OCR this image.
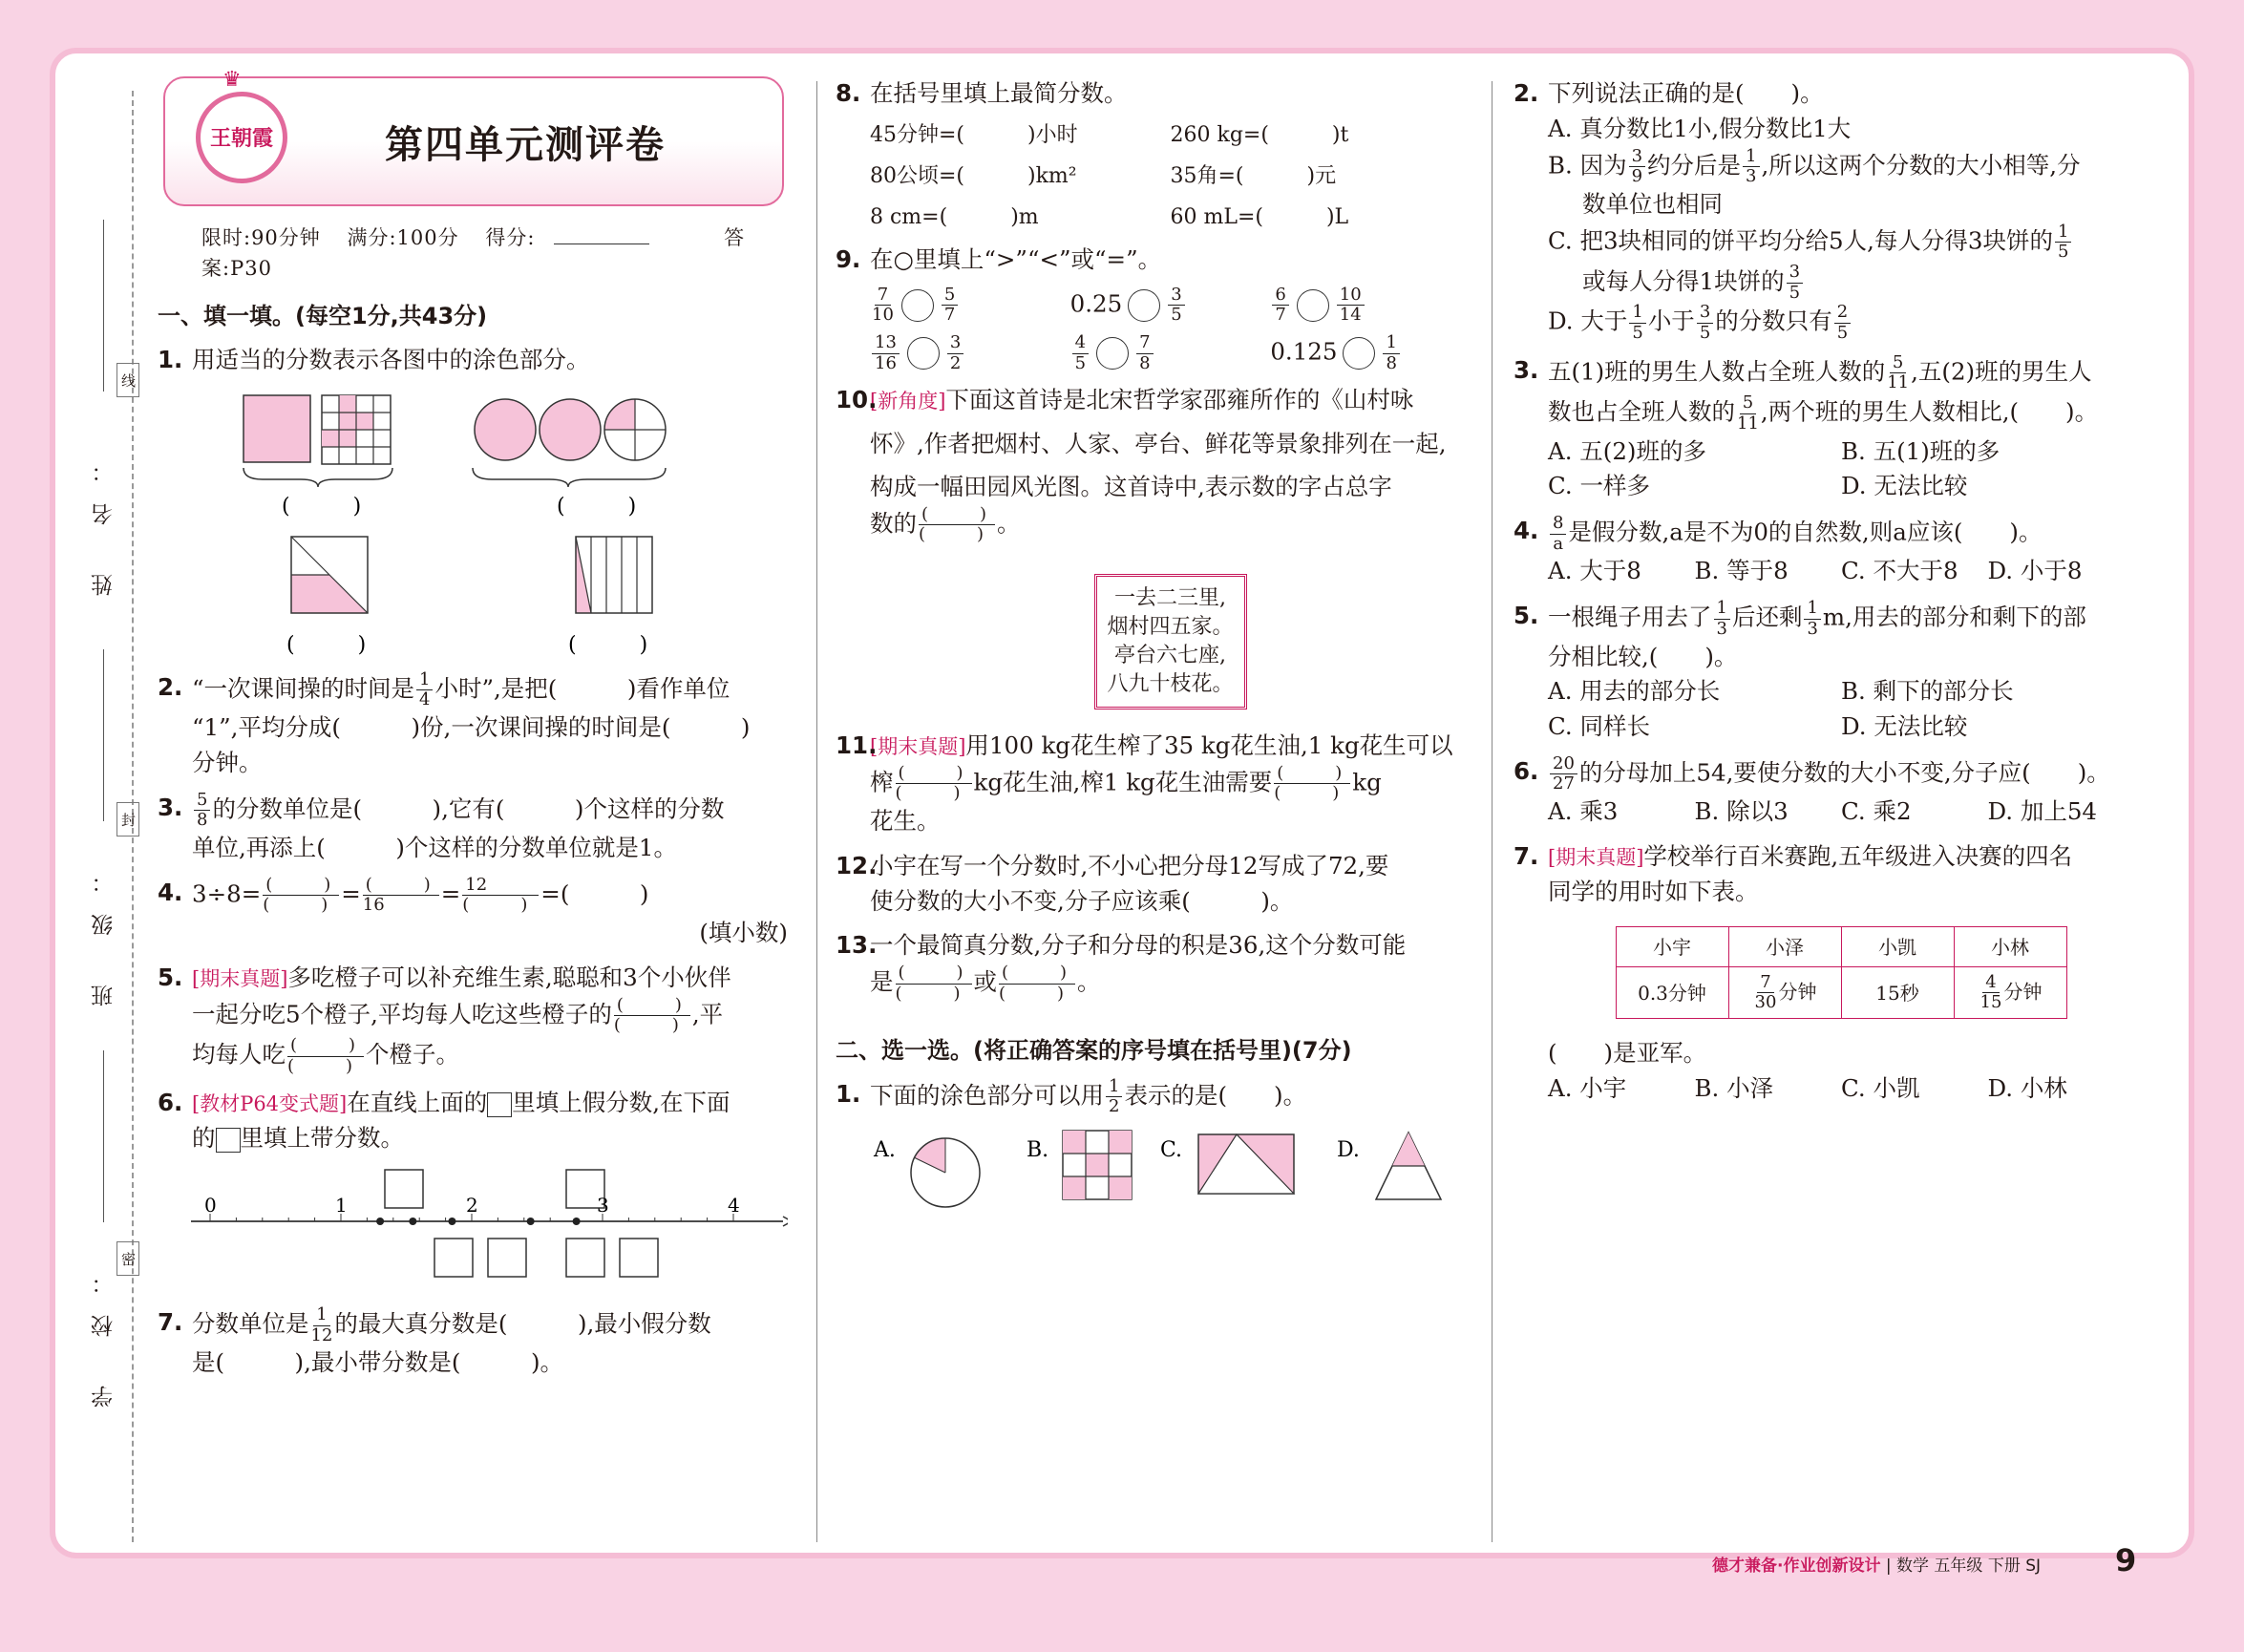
姓 名：
班 级：
学 校：
线
封
密
♛
王朝霞	第四单元测评卷
限时:90分钟 满分:100分 得分:	答案:P30
一、填一填。(每空1分,共43分)
1. 用适当的分数表示各图中的涂色部分。
(　　　)	(　　　)
(　　　)	(　　　)
2. “一次课间操的时间是 $\frac{1}{4}$ 小时”,是把(　　　)看作单位
“1”,平均分成(　　　)份,一次课间操的时间是(　　　)
分钟。
3. $\frac{5}{8}$ 的分数单位是(　　　),它有(　　　)个这样的分数
单位,再添上(　　　)个这样的分数单位就是1。
4. $3\div 8= \frac{( )}{( )} = \frac{( )}{16} = \frac{12}{( )}$ =(　　　)
(填小数)
5. [期末真题]多吃橙子可以补充维生素,聪聪和3个小伙伴
一起分吃5个橙子,平均每人吃这些橙子的 $\frac{( )}{( )}$ ,平
均每人吃 $\frac{( )}{( )}$ 个橙子。
6. [教材P64变式题]在直线上面的 里填上假分数,在下面
的 里填上带分数。
0	1	2	3	4
7. 分数单位是 $\frac{1}{12}$ 的最大真分数是(　　　),最小假分数
是(　　　),最小带分数是(　　　)。
8. 在括号里填上最简分数。
45分钟=(　　　)小时	260 kg=(　　　)t
80公顷=(　　　)km²	35角=(　　　)元
8 cm=(　　　)m	60 mL=(　　　)L
9. 在○里填上“>”“<”或“=”。
$\frac{7}{10}$	$\frac{5}{7}$	0.25	$\frac{3}{5}$	$\frac{6}{7}$	$\frac{10}{14}$
$\frac{13}{16}$	$\frac{3}{2}$	$\frac{4}{5}$	$\frac{7}{8}$	0.125	$\frac{1}{8}$
10.
[新角度]下面这首诗是北宋哲学家邵雍所作的《山村咏
怀》,作者把烟村、人家、亭台、鲜花等景象排列在一起,
构成一幅田园风光图。这首诗中,表示数的字占总字
数的 $\frac{( )}{( )}$ 。
一去二三里,
烟村四五家。
亭台六七座,
八九十枝花。
11.
[期末真题]用100 kg花生榨了35 kg花生油,1 kg花生可以
榨 $\frac{( )}{( )}$ kg花生油,榨1 kg花生油需要 $\frac{( )}{( )}$ kg
花生。
12.
小宇在写一个分数时,不小心把分母12写成了72,要
使分数的大小不变,分子应该乘(　　　)。
13.
一个最简真分数,分子和分母的积是36,这个分数可能
是 $\frac{( )}{( )}$ 或 $\frac{( )}{( )}$ 。
二、选一选。(将正确答案的序号填在括号里)(7分)
1. 下面的涂色部分可以用 $\frac{1}{2}$ 表示的是(　　)。
A.	B.	C.	D.
2. 下列说法正确的是(　　)。
A. 真分数比1小,假分数比1大
B. 因为 $\frac{3}{9}$ 约分后是 $\frac{1}{3}$ ,所以这两个分数的大小相等,分
数单位也相同
C. 把3块相同的饼平均分给5人,每人分得3块饼的 $\frac{1}{5}$

或每人分得1块饼的 $\frac{3}{5}$

D. 大于 $\frac{1}{5}$ 小于 $\frac{3}{5}$ 的分数只有 $\frac{2}{5}$
3. 五(1)班的男生人数占全班人数的 $\frac{5}{11}$ ,五(2)班的男生人
数也占全班人数的 $\frac{5}{11}$ ,两个班的男生人数相比,(　　)。
A. 五(2)班的多	B. 五(1)班的多
C. 一样多	D. 无法比较
4. $\frac{8}{a}$ 是假分数,a是不为0的自然数,则a应该(　　)。
A. 大于8	B. 等于8	C. 不大于8	D. 小于8
5. 一根绳子用去了 $\frac{1}{3}$ 后还剩 $\frac{1}{3} m$,用去的部分和剩下的部
分相比较,(　　)。
A. 用去的部分长	B. 剩下的部分长
C. 同样长	D. 无法比较
6. $\frac{20}{27}$ 的分母加上54,要使分数的大小不变,分子应(　　)。
A. 乘3	B. 除以3	C. 乘2	D. 加上54
7. [期末真题]学校举行百米赛跑,五年级进入决赛的四名
同学的用时如下表。
小宇	小泽	小凯	小林
0.3分钟	$\frac{7}{30}$ 分钟	15秒	$\frac{4}{15}$ 分钟
(　　)是亚军。
A. 小宇	B. 小泽	C. 小凯	D. 小林
德才兼备·作业创新设计 | 数学 五年级 下册 SJ 9
